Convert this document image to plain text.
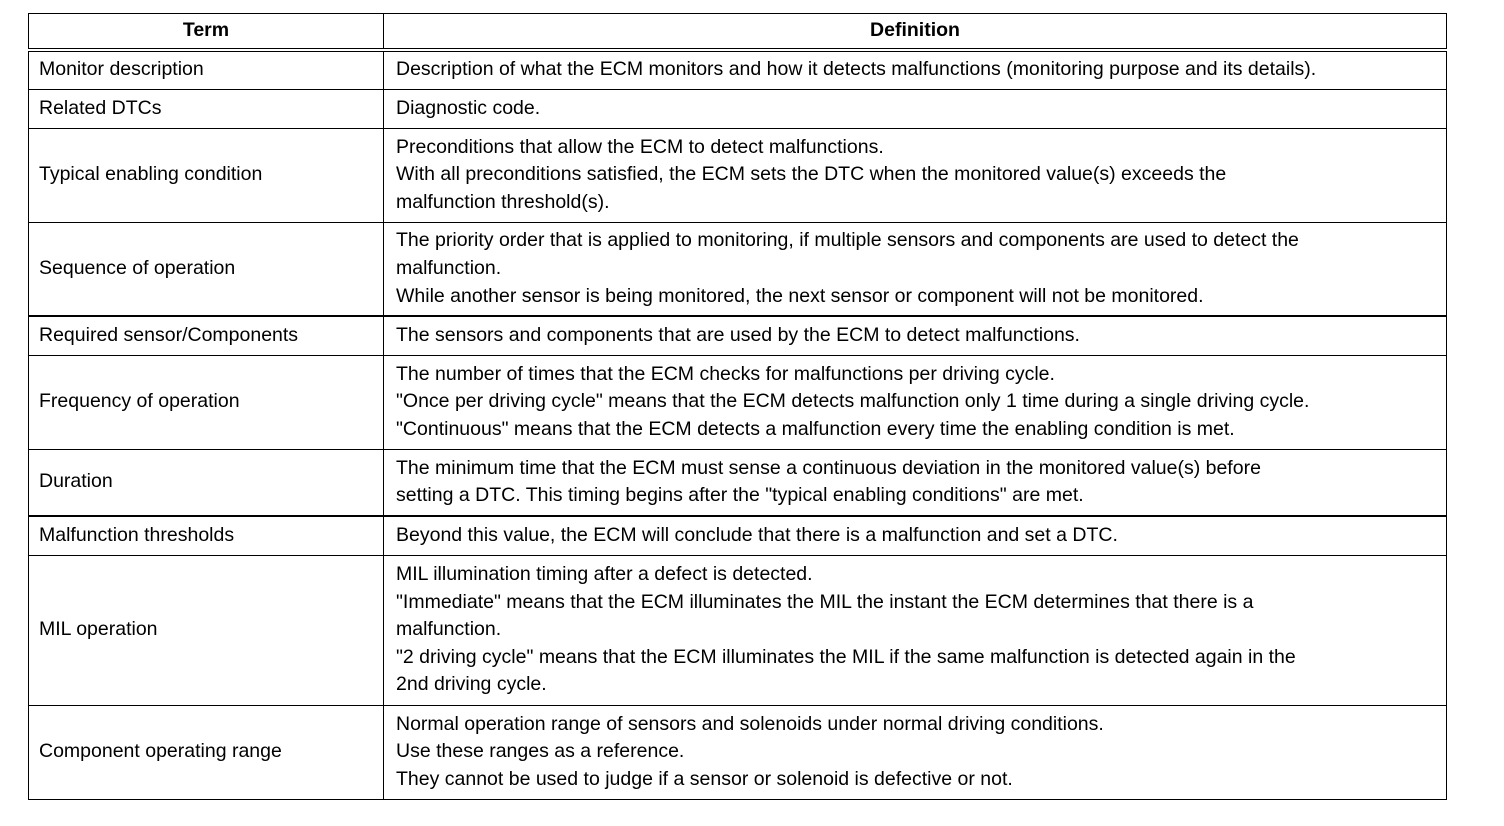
Term	Definition
Monitor description	Description of what the ECM monitors and how it detects malfunctions (monitoring purpose and its details).

Related DTCs	Diagnostic code.

Typical enabling condition	Preconditions that allow the ECM to detect malfunctions.
With all preconditions satisfied, the ECM sets the DTC when the monitored value(s) exceeds the
malfunction threshold(s).

Sequence of operation	The priority order that is applied to monitoring, if multiple sensors and components are used to detect the
malfunction.
While another sensor is being monitored, the next sensor or component will not be monitored.

Required sensor/Components	The sensors and components that are used by the ECM to detect malfunctions.

Frequency of operation	The number of times that the ECM checks for malfunctions per driving cycle.
"Once per driving cycle" means that the ECM detects malfunction only 1 time during a single driving cycle.
"Continuous" means that the ECM detects a malfunction every time the enabling condition is met.

Duration	The minimum time that the ECM must sense a continuous deviation in the monitored value(s) before
setting a DTC. This timing begins after the "typical enabling conditions" are met.

Malfunction thresholds	Beyond this value, the ECM will conclude that there is a malfunction and set a DTC.

MIL operation	MIL illumination timing after a defect is detected.
"Immediate" means that the ECM illuminates the MIL the instant the ECM determines that there is a
malfunction.
"2 driving cycle" means that the ECM illuminates the MIL if the same malfunction is detected again in the
2nd driving cycle.

Component operating range	Normal operation range of sensors and solenoids under normal driving conditions.
Use these ranges as a reference.
They cannot be used to judge if a sensor or solenoid is defective or not.
